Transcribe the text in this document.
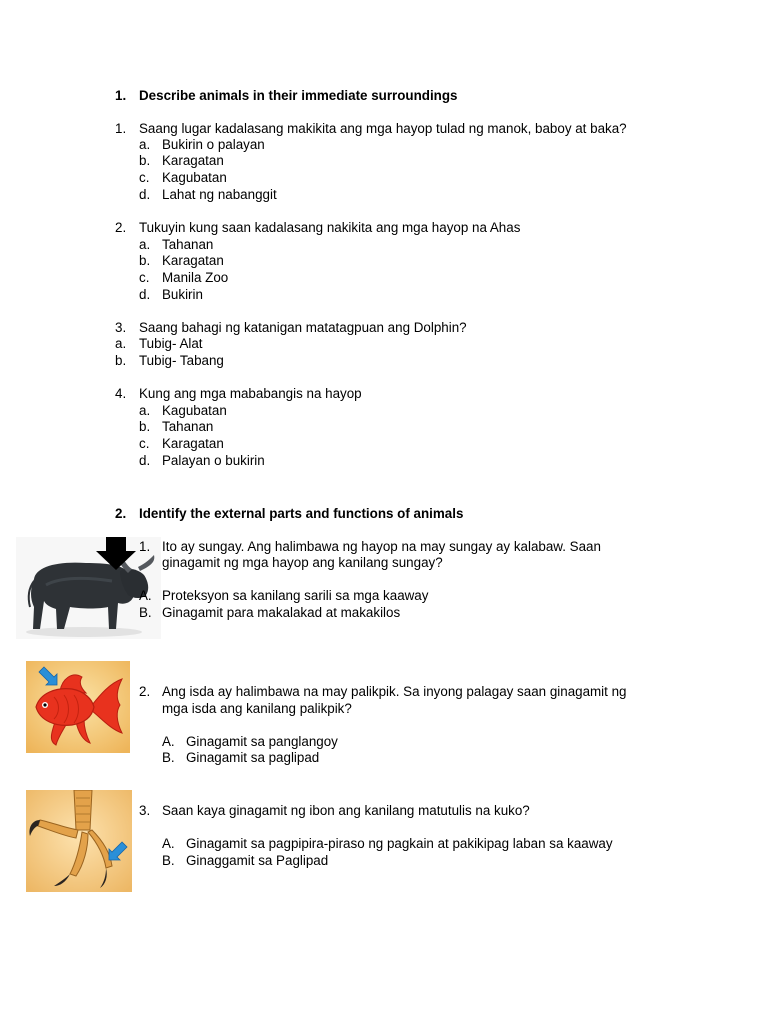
1. Describe animals in their immediate surroundings
1. Saang lugar kadalasang makikita ang mga hayop tulad ng manok, baboy at baka?
a. Bukirin o palayan
b. Karagatan
c. Kagubatan
d. Lahat ng nabanggit
2. Tukuyin kung saan kadalasang nakikita ang mga hayop na Ahas
a. Tahanan
b. Karagatan
c. Manila Zoo
d. Bukirin
3. Saang bahagi ng katanigan matatagpuan ang Dolphin?
a. Tubig- Alat
b. Tubig- Tabang
4. Kung ang mga mababangis na hayop
a. Kagubatan
b. Tahanan
c. Karagatan
d. Palayan o bukirin
2. Identify the external parts and functions of animals
1. Ito ay sungay. Ang halimbawa ng hayop na may sungay ay kalabaw. Saan
ginagamit ng mga hayop ang kanilang sungay?
A. Proteksyon sa kanilang sarili sa mga kaaway
B. Ginagamit para makalakad at makakilos
2. Ang isda ay halimbawa na may palikpik. Sa inyong palagay saan ginagamit ng
mga isda ang kanilang palikpik?
A. Ginagamit sa panglangoy
B. Ginagamit sa paglipad
3. Saan kaya ginagamit ng ibon ang kanilang matutulis na kuko?
A. Ginagamit sa pagpipira-piraso ng pagkain at pakikipag laban sa kaaway
B. Ginaggamit sa Paglipad
